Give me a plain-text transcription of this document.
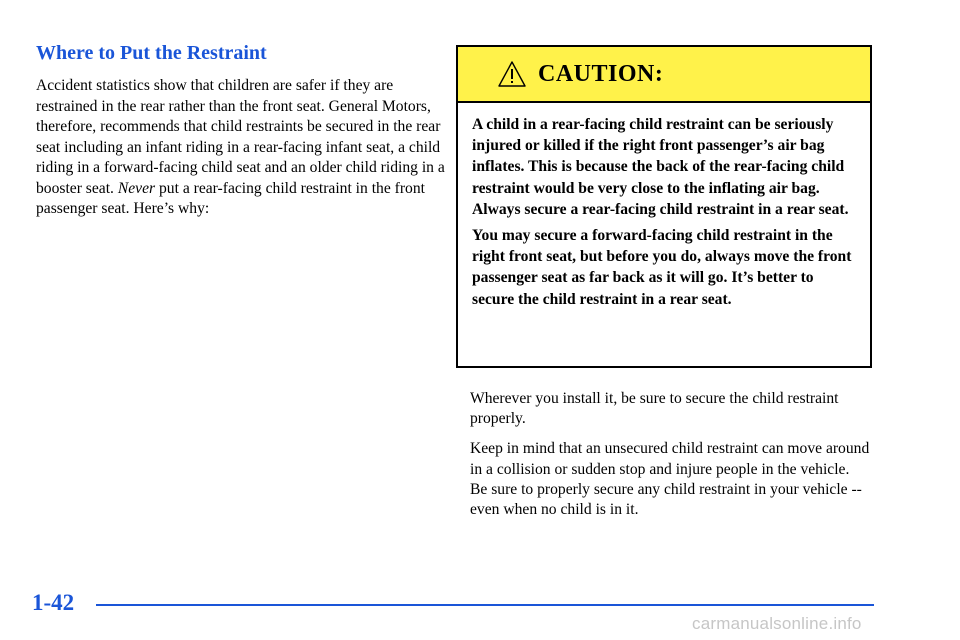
Where to Put the Restraint

Accident statistics show that children are safer if they are restrained in the rear rather than the front seat. General Motors, therefore, recommends that child restraints be secured in the rear seat including an infant riding in a rear-facing infant seat, a child riding in a forward-facing child seat and an older child riding in a booster seat. Never put a rear-facing child restraint in the front passenger seat. Here’s why:

CAUTION:

A child in a rear-facing child restraint can be seriously injured or killed if the right front passenger’s air bag inflates. This is because the back of the rear-facing child restraint would be very close to the inflating air bag. Always secure a rear-facing child restraint in a rear seat.

You may secure a forward-facing child restraint in the right front seat, but before you do, always move the front passenger seat as far back as it will go. It’s better to secure the child restraint in a rear seat.

Wherever you install it, be sure to secure the child restraint properly.

Keep in mind that an unsecured child restraint can move around in a collision or sudden stop and injure people in the vehicle. Be sure to properly secure any child restraint in your vehicle -- even when no child is in it.

1-42
carmanualsonline.info
